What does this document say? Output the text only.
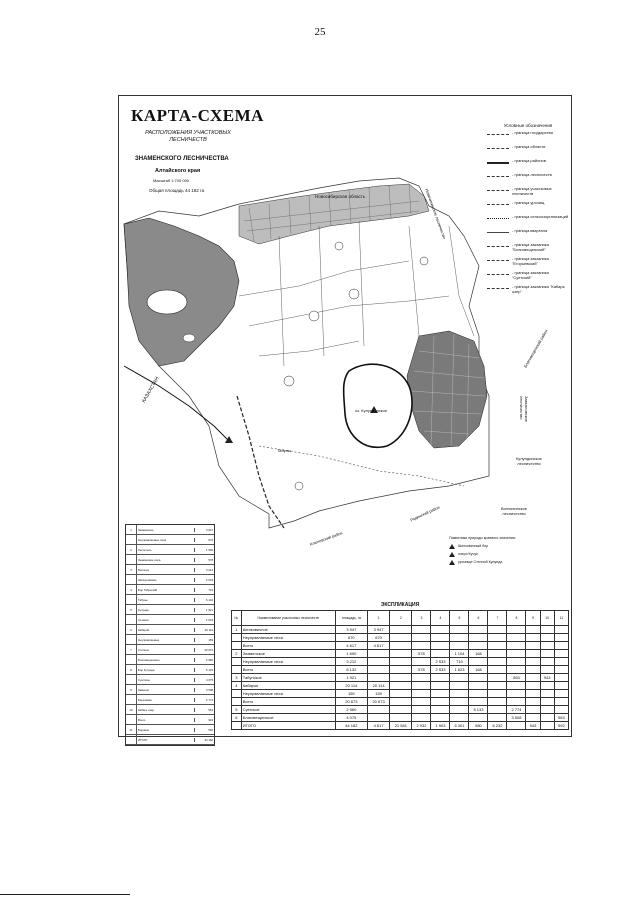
25
КАРТА-СХЕМА
РАСПОЛОЖЕНИЯ УЧАСТКОВЫХ ЛЕСНИЧЕСТВ
ЗНАМЕНСКОГО ЛЕСНИЧЕСТВА
Алтайского края
Масштаб 1:700 000
Общая площадь 44 182 га
КАЗАХСТАН
Новосибирская область
оз. Кулундинское
Табуны
Ключевский район
Родинский район	Волчихинское лесничество
Кулундинское лесничество
Завьяловское лесничество
Благовещенский район
Новичихинское лесничество
Условные обозначения
- граница государства
- граница области
- граница районов
- граница лесничеств
- граница участковых лесничеств
- граница урочищ
- граница сельхозорганизаций
- граница квартала
- граница заказника "Благовещенский"
- граница заказника "Егорьевский"
- граница заказника "Суетский"
- граница заказника "Кабарь озер"
Памятники природы краевого значения:
Шелковичный бор
озеро Кучук
урочище Степной Кулунда
1	Знаменское	3 947
Неуправляемые леса	670
2	Лесостепь	1 690
Знаменские леса	578
3	Волчиха	3 212
Шелкуновские	2 533
4	Бор Табунский	719
Табуны	6 132
5	Кулунда	1 921
Сетевое	1 623
6	Кабарой	20 114
Неуправляемые	159
7	Степное	20 673
Благовещенское	2 960
8	Бор Кулунда	5 133
Суетское	4 075
9	Камыши	3 508
Березовка	2 774
10	Кабарь озер	563
Всего	943
11	Боровое	592
ИТОГО	44 182
ЭКСПЛИКАЦИЯ
№	Наименование участковых лесничеств	площадь, га	1	2	3	4	5	6	7	8	9	10	11
1	Шелковичное	3 947	3 947										
	Неуправляемые леса	670	670										
	Всего	4 617	4 617										
2	Знаменское	1 690			578		1 104	168					
	Неуправляемые леса	3 212				2 533	719						
	Всего	6 132			578	2 533	1 623	168					
3	Табунское	1 921								563		943	
4	Кабарое	20 114	20 114										
	Неуправляемые леса	159	159										
	Всего	20 673	20 673										
5	Суетское	2 960						5 133		2 774			
6	Благовещенское	4 075								3 508			563
	ИТОГО	44 182	4 617	21 581	2 932	1 903	5 301	580	6 232		943		592
